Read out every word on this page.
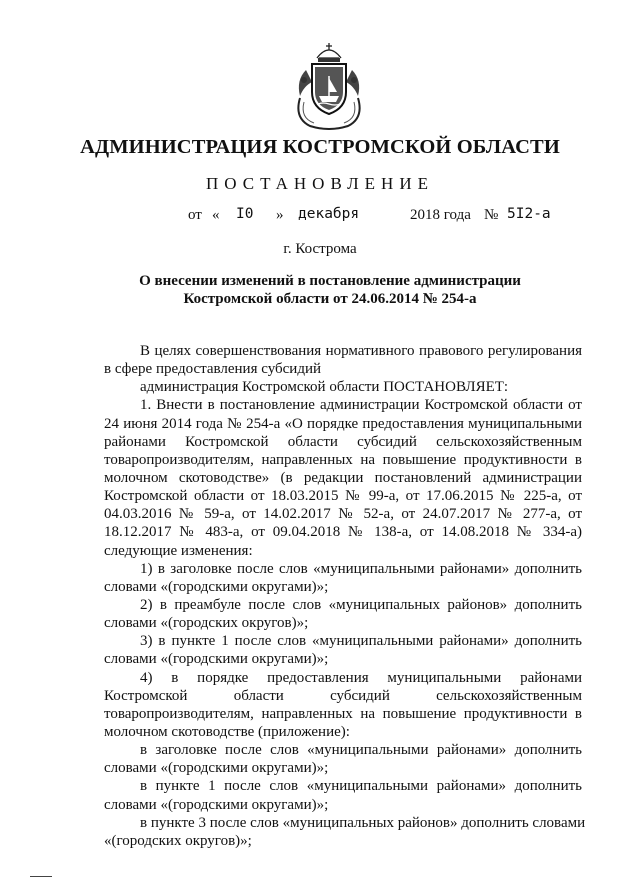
АДМИНИСТРАЦИЯ КОСТРОМСКОЙ ОБЛАСТИ
ПОСТАНОВЛЕНИЕ
от « I0 » декабря	2018 года № 5I2-а
г. Кострома
О внесении изменений в постановление администрации
Костромской области от 24.06.2014 № 254-а
В целях совершенствования нормативного правового регулирования
в сфере предоставления субсидий
администрация Костромской области ПОСТАНОВЛЯЕТ:
1. Внести в постановление администрации Костромской области от
24 июня 2014 года № 254-а «О порядке предоставления муниципальными
районами Костромской области субсидий сельскохозяйственным
товаропроизводителям, направленных на повышение продуктивности в
молочном скотоводстве» (в редакции постановлений администрации
Костромской области от 18.03.2015 № 99-а, от 17.06.2015 № 225-а, от
04.03.2016 № 59-а, от 14.02.2017 № 52-а, от 24.07.2017 № 277-а, от
18.12.2017 № 483-а, от 09.04.2018 № 138-а, от 14.08.2018 № 334-а)
следующие изменения:
1) в заголовке после слов «муниципальными районами» дополнить
словами «(городскими округами)»;
2) в преамбуле после слов «муниципальных районов» дополнить
словами «(городских округов)»;
3) в пункте 1 после слов «муниципальными районами» дополнить
словами «(городскими округами)»;
4) в порядке предоставления муниципальными районами
Костромской области субсидий сельскохозяйственным
товаропроизводителям, направленных на повышение продуктивности в
молочном скотоводстве (приложение):
в заголовке после слов «муниципальными районами» дополнить
словами «(городскими округами)»;
в пункте 1 после слов «муниципальными районами» дополнить
словами «(городскими округами)»;
в пункте 3 после слов «муниципальных районов» дополнить словами
«(городских округов)»;
